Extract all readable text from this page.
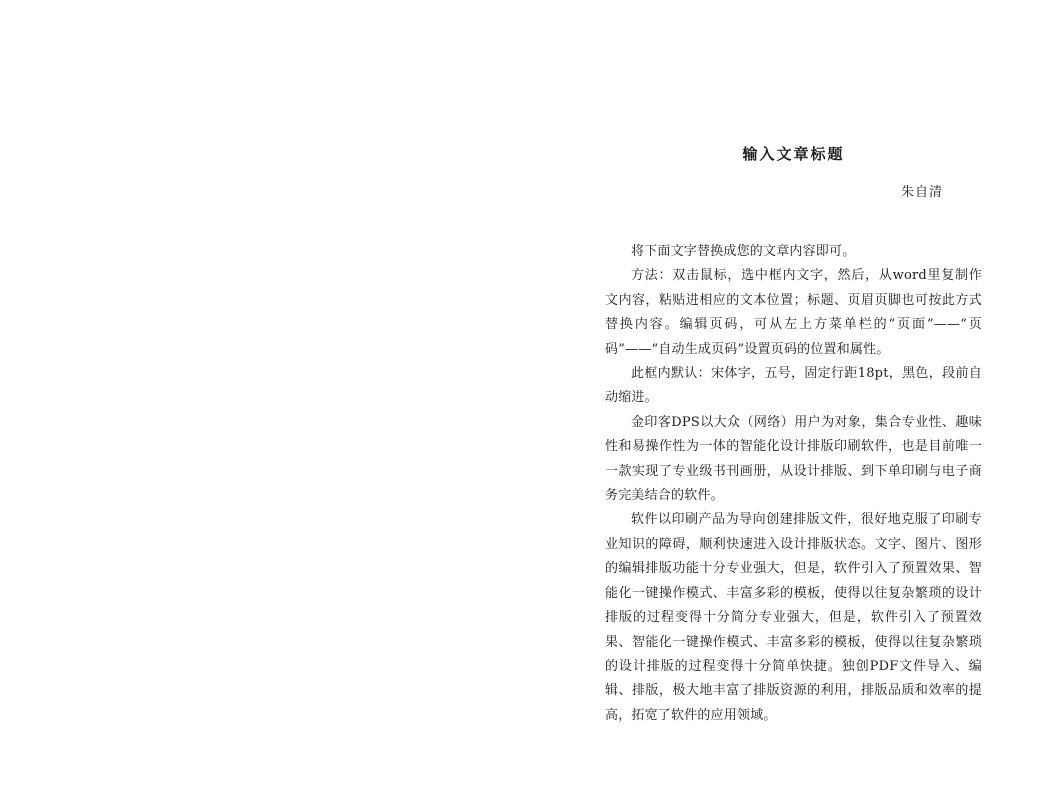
输入文章标题
朱自清

将下面文字替换成您的文章内容即可。

方法：双击鼠标，选中框内文字，然后，从word里复制作文内容，粘贴进相应的文本位置；标题、页眉页脚也可按此方式替换内容。编辑页码，可从左上方菜单栏的“页面”——“页码”——“自动生成页码”设置页码的位置和属性。

此框内默认：宋体字，五号，固定行距18pt，黑色，段前自动缩进。

金印客DPS以大众（网络）用户为对象，集合专业性、趣味性和易操作性为一体的智能化设计排版印刷软件，也是目前唯一一款实现了专业级书刊画册，从设计排版、到下单印刷与电子商务完美结合的软件。

软件以印刷产品为导向创建排版文件，很好地克服了印刷专业知识的障碍，顺利快速进入设计排版状态。文字、图片、图形的编辑排版功能十分专业强大，但是，软件引入了预置效果、智能化一键操作模式、丰富多彩的模板，使得以往复杂繁琐的设计排版的过程变得十分简分专业强大，但是，软件引入了预置效果、智能化一键操作模式、丰富多彩的模板，使得以往复杂繁琐的设计排版的过程变得十分简单快捷。独创PDF文件导入、编辑、排版，极大地丰富了排版资源的利用，排版品质和效率的提高，拓宽了软件的应用领域。
